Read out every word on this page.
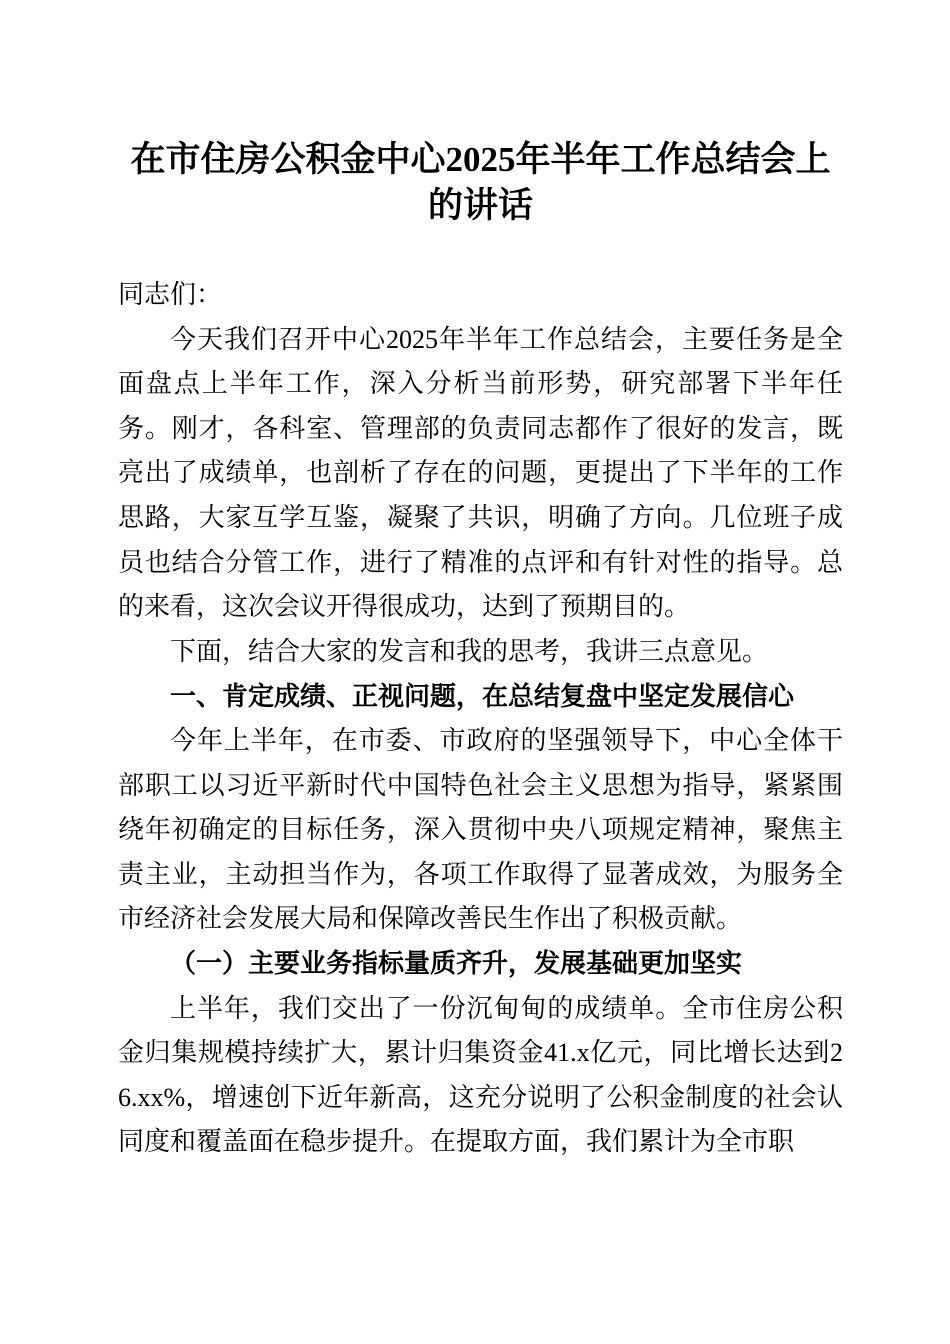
在市住房公积金中心2025年半年工作总结会上的讲话

同志们：

今天我们召开中心2025年半年工作总结会，主要任务是全面盘点上半年工作，深入分析当前形势，研究部署下半年任务。刚才，各科室、管理部的负责同志都作了很好的发言，既亮出了成绩单，也剖析了存在的问题，更提出了下半年的工作思路，大家互学互鉴，凝聚了共识，明确了方向。几位班子成员也结合分管工作，进行了精准的点评和有针对性的指导。总的来看，这次会议开得很成功，达到了预期目的。

下面，结合大家的发言和我的思考，我讲三点意见。

一、肯定成绩、正视问题，在总结复盘中坚定发展信心

今年上半年，在市委、市政府的坚强领导下，中心全体干部职工以习近平新时代中国特色社会主义思想为指导，紧紧围绕年初确定的目标任务，深入贯彻中央八项规定精神，聚焦主责主业，主动担当作为，各项工作取得了显著成效，为服务全市经济社会发展大局和保障改善民生作出了积极贡献。

（一）主要业务指标量质齐升，发展基础更加坚实

上半年，我们交出了一份沉甸甸的成绩单。全市住房公积金归集规模持续扩大，累计归集资金41.x亿元，同比增长达到26.xx%，增速创下近年新高，这充分说明了公积金制度的社会认同度和覆盖面在稳步提升。在提取方面，我们累计为全市职
